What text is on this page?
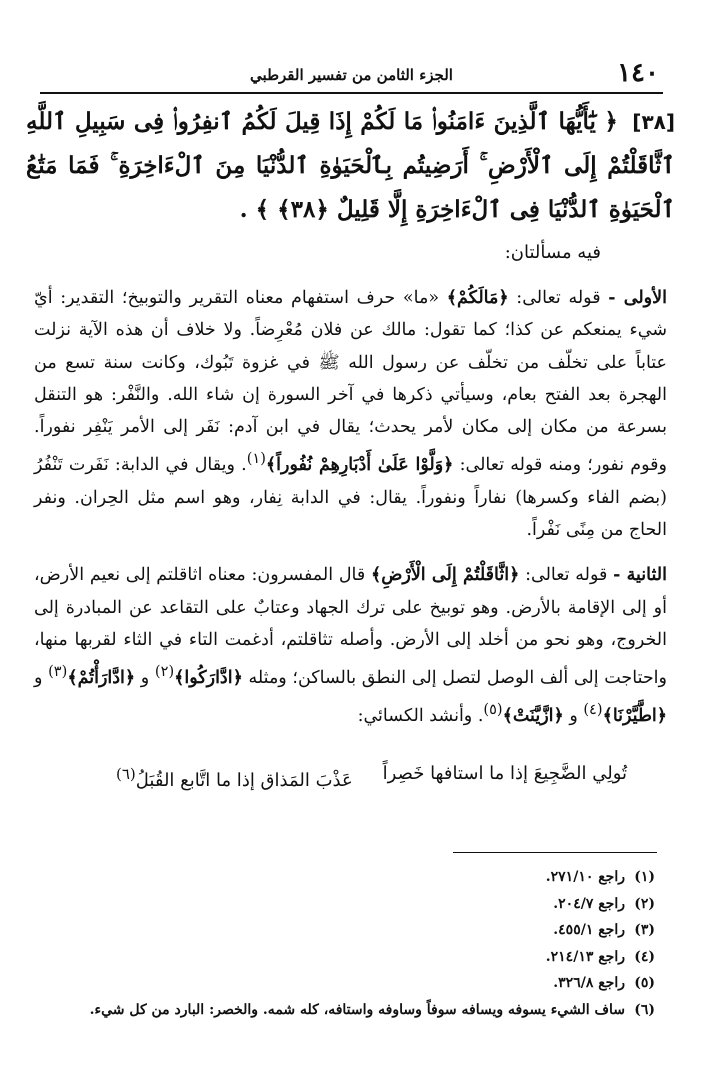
١٤٠
الجزء الثامن من تفسير القرطبي
[٣٨] ﴿ يَٰٓأَيُّهَا ٱلَّذِينَ ءَامَنُوا۟ مَا لَكُمْ إِذَا قِيلَ لَكُمُ ٱنفِرُوا۟ فِى سَبِيلِ ٱللَّهِ ٱثَّاقَلْتُمْ إِلَى ٱلْأَرْضِ ۚ أَرَضِيتُم بِٱلْحَيَوٰةِ ٱلدُّنْيَا مِنَ ٱلْءَاخِرَةِ ۚ فَمَا مَتَٰعُ ٱلْحَيَوٰةِ ٱلدُّنْيَا فِى ٱلْءَاخِرَةِ إِلَّا قَلِيلٌ ﴿٣٨﴾ ﴾ .
فيه مسألتان:

الأولى - قوله تعالى: ﴿مَالَكُمْ﴾ «ما» حرف استفهام معناه التقرير والتوبيخ؛ التقدير: أيّ شيء يمنعكم عن كذا؛ كما تقول: مالك عن فلان مُعْرِضاً. ولا خلاف أن هذه الآية نزلت عتاباً على تخلّف من تخلّف عن رسول الله ﷺ في غزوة تَبُوك، وكانت سنة تسع من الهجرة بعد الفتح بعام، وسيأتي ذكرها في آخر السورة إن شاء الله. والنَّفْر: هو التنقل بسرعة من مكان إلى مكان لأمر يحدث؛ يقال في ابن آدم: نَفَر إلى الأمر يَنْفِر نفوراً. وقوم نفور؛ ومنه قوله تعالى: ﴿وَلَّوْا عَلَىٰ أَدْبَارِهِمْ نُفُوراً﴾$^{(١)}$. ويقال في الدابة: نَفَرت تَنْفُرُ (بضم الفاء وكسرها) نفاراً ونفوراً. يقال: في الدابة نِفار، وهو اسم مثل الحِران. ونفر الحاج من مِنًى نَفْراً.

الثانية - قوله تعالى: ﴿اثَّاقَلْتُمْ إِلَى الْأَرْضِ﴾ قال المفسرون: معناه اثاقلتم إلى نعيم الأرض، أو إلى الإقامة بالأرض. وهو توبيخ على ترك الجهاد وعتابٌ على التقاعد عن المبادرة إلى الخروج، وهو نحو من أخلد إلى الأرض. وأصله تثاقلتم، أدغمت التاء في الثاء لقربها منها، واحتاجت إلى ألف الوصل لتصل إلى النطق بالساكن؛ ومثله ﴿ادَّارَكُوا﴾$^{(٢)}$ و ﴿ادَّارَأْتُمْ﴾$^{(٣)}$ و ﴿اطَّيَّرْنَا﴾$^{(٤)}$ و ﴿ازَّيَّنَتْ﴾$^{(٥)}$. وأنشد الكسائي:

تُولِي الضَّجِيعَ إذا ما استافها خَصِراً
عَذْبَ المَذاق إذا ما اتَّابع القُبَلُ$^{(٦)}$
(١)راجع ٢٧١/١٠.
(٢)راجع ٢٠٤/٧.
(٣)راجع ٤٥٥/١.
(٤)راجع ٢١٤/١٣.
(٥)راجع ٣٢٦/٨.
(٦)ساف الشيء يسوفه ويسافه سوفاً وساوفه واستافه، كله شمه. والخصر: البارد من كل شيء.
